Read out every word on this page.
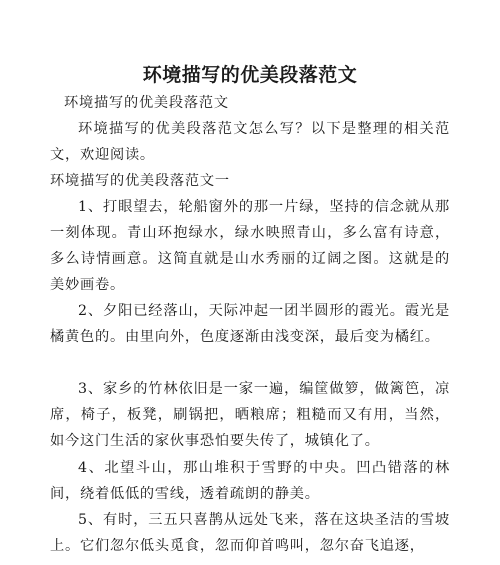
环境描写的优美段落范文

环境描写的优美段落范文

环境描写的优美段落范文怎么写？以下是整理的相关范文，欢迎阅读。

环境描写的优美段落范文一

1、打眼望去，轮船窗外的那一片绿，坚持的信念就从那一刻体现。青山环抱绿水，绿水映照青山，多么富有诗意，多么诗情画意。这简直就是山水秀丽的辽阔之图。这就是的美妙画卷。

2、夕阳已经落山，天际冲起一团半圆形的霞光。霞光是橘黄色的。由里向外，色度逐渐由浅变深，最后变为橘红。

3、家乡的竹林依旧是一家一遍，编筐做箩，做篱笆，凉席，椅子，板凳，刷锅把，晒粮席；粗糙而又有用，当然，如今这门生活的家伙事恐怕要失传了，城镇化了。

4、北望斗山，那山堆积于雪野的中央。凹凸错落的林间，绕着低低的雪线，透着疏朗的静美。

5、有时，三五只喜鹊从远处飞来，落在这块圣洁的雪坡上。它们忽尔低头觅食，忽而仰首鸣叫，忽尔奋飞追逐，
